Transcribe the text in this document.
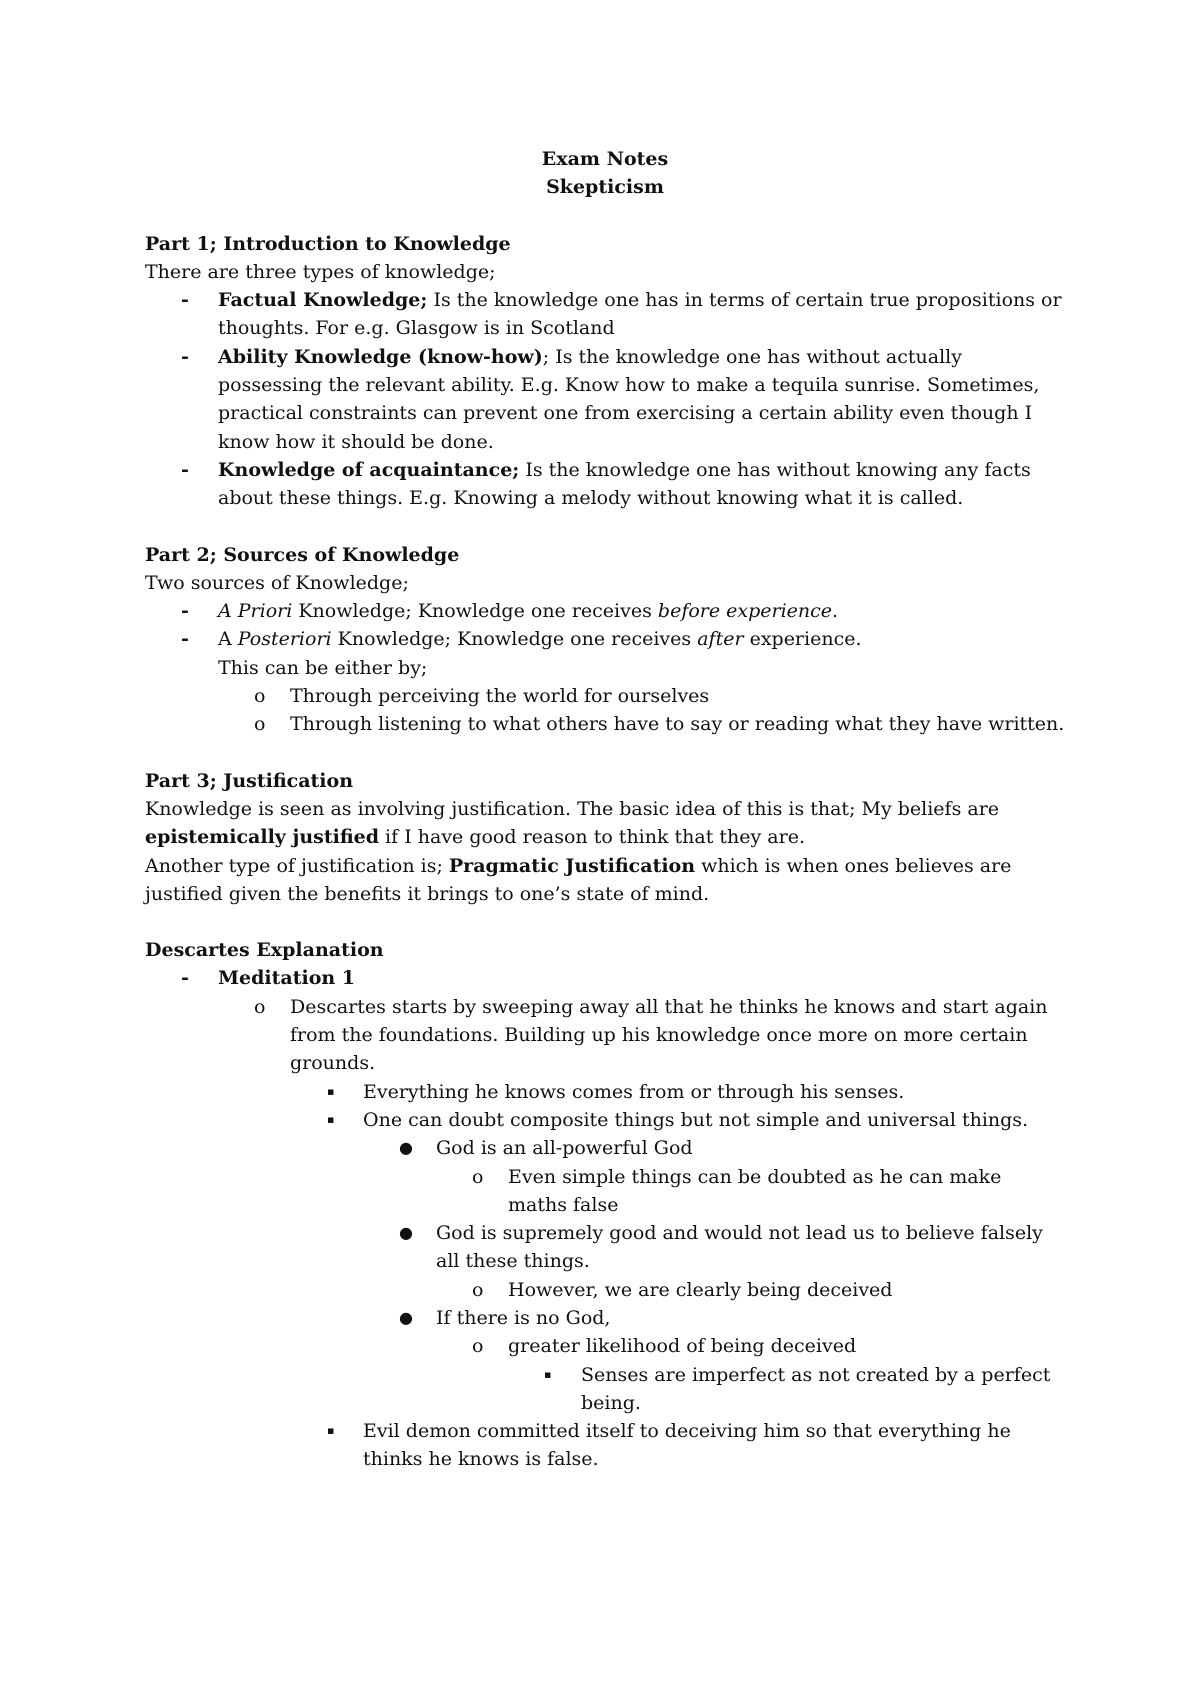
Exam Notes
Skepticism
Part 1; Introduction to Knowledge
There are three types of knowledge;
-	Factual Knowledge; Is the knowledge one has in terms of certain true propositions or thoughts. For e.g. Glasgow is in Scotland
-	Ability Knowledge (know-how); Is the knowledge one has without actually possessing the relevant ability. E.g. Know how to make a tequila sunrise. Sometimes, practical constraints can prevent one from exercising a certain ability even though I know how it should be done.
-	Knowledge of acquaintance; Is the knowledge one has without knowing any facts about these things. E.g. Knowing a melody without knowing what it is called.
Part 2; Sources of Knowledge
Two sources of Knowledge;
-	A Priori Knowledge; Knowledge one receives before experience.
-	A Posteriori Knowledge; Knowledge one receives after experience.
This can be either by;
o	Through perceiving the world for ourselves
o	Through listening to what others have to say or reading what they have written.
Part 3; Justification
Knowledge is seen as involving justification. The basic idea of this is that; My beliefs are epistemically justified if I have good reason to think that they are.
Another type of justification is; Pragmatic Justification which is when ones believes are justified given the benefits it brings to one’s state of mind.
Descartes Explanation
-	Meditation 1
o	Descartes starts by sweeping away all that he thinks he knows and start again from the foundations. Building up his knowledge once more on more certain grounds.
▪	Everything he knows comes from or through his senses.
▪	One can doubt composite things but not simple and universal things.
●	God is an all-powerful God
o	Even simple things can be doubted as he can make maths false
●	God is supremely good and would not lead us to believe falsely all these things.
o	However, we are clearly being deceived
●	If there is no God,
o	greater likelihood of being deceived
▪	Senses are imperfect as not created by a perfect being.
▪	Evil demon committed itself to deceiving him so that everything he thinks he knows is false.
